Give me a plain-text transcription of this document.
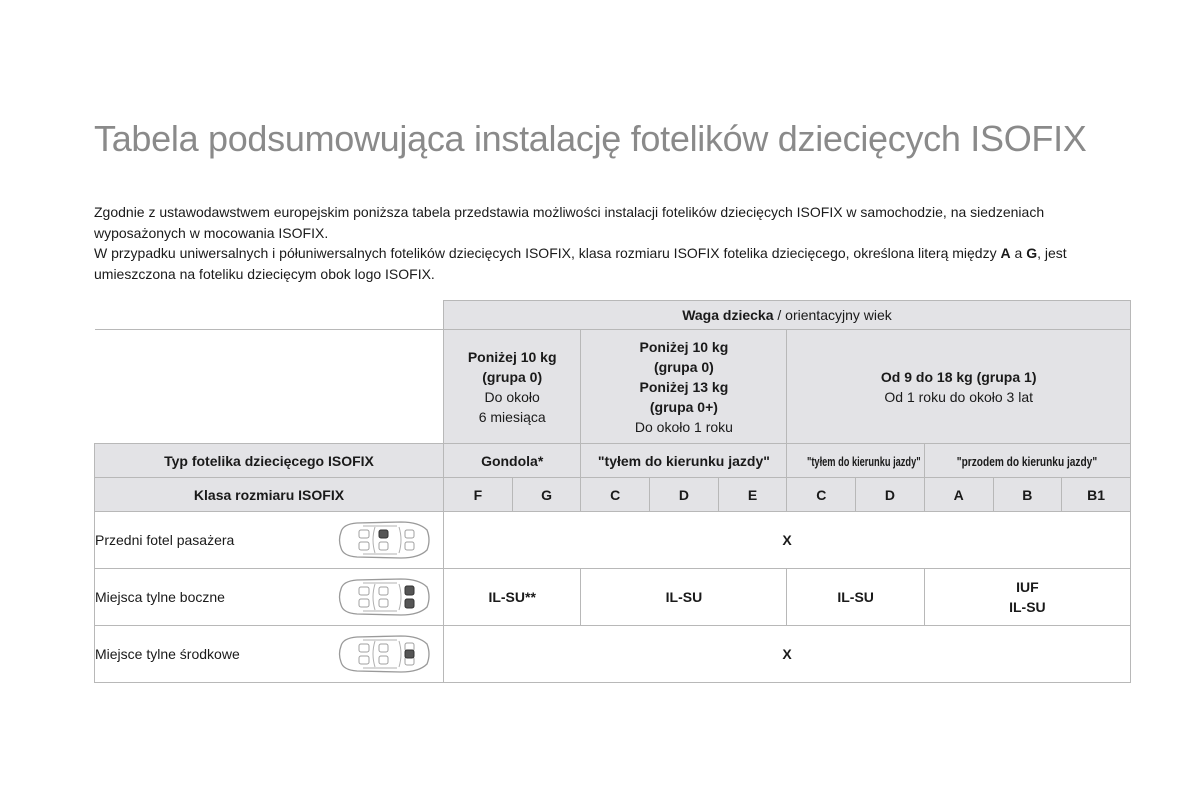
Tabela podsumowująca instalację fotelików dziecięcych ISOFIX

Zgodnie z ustawodawstwem europejskim poniższa tabela przedstawia możliwości instalacji fotelików dziecięcych ISOFIX w samochodzie, na siedzeniach wyposażonych w mocowania ISOFIX.

W przypadku uniwersalnych i półuniwersalnych fotelików dziecięcych ISOFIX, klasa rozmiaru ISOFIX fotelika dziecięcego, określona literą między A a G, jest umieszczona na foteliku dziecięcym obok logo ISOFIX.

	Waga dziecka / orientacyjny wiek									

	Poniżej 10 kg
(grupa 0)
Do około
6 miesiąca		Poniżej 10 kg
(grupa 0)
Poniżej 13 kg
(grupa 0+)
Do około 1 roku			Od 9 do 18 kg (grupa 1)
Od 1 roku do około 3 lat				

Typ fotelika dziecięcego ISOFIX	Gondola*		"tyłem do kierunku jazdy"			"tyłem do kierunku jazdy"		"przodem do kierunku jazdy"		
Klasa rozmiaru ISOFIX	F	G	C	D	E	C	D	A	B	B1

Przedni fotel pasażera	X									

Miejsca tylne boczne	IL-SU**		IL-SU			IL-SU		IUF
IL-SU		

Miejsce tylne środkowe	X									
